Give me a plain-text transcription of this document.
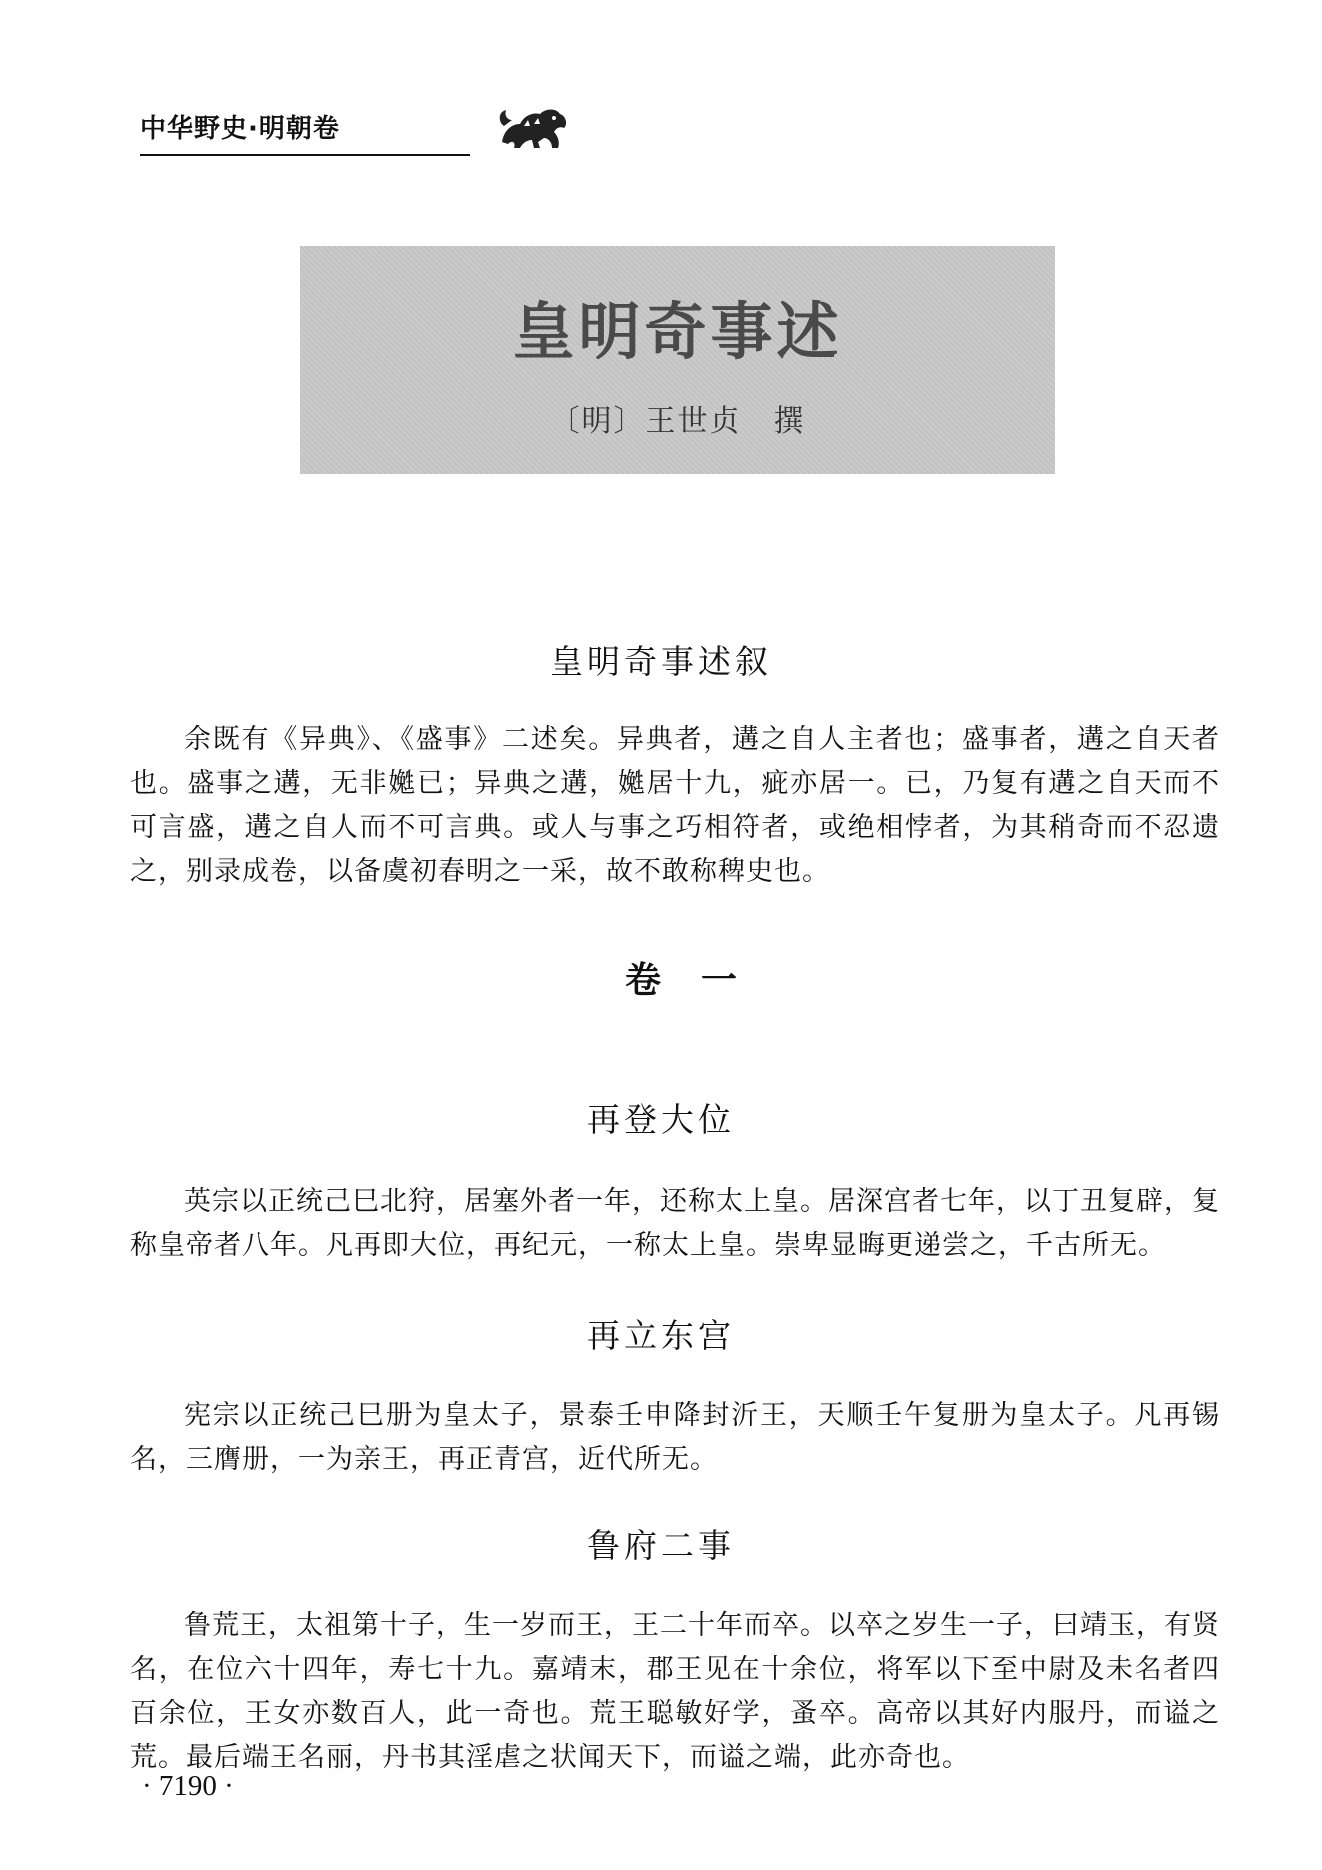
中华野史·明朝卷
皇明奇事述
〔明〕王世贞　撰
皇明奇事述叙
余既有《异典》、《盛事》二述矣。异典者，遘之自人主者也；盛事者，遘之自天者也。盛事之遘，无非嬔已；异典之遘，嬔居十九，疵亦居一。已，乃复有遘之自天而不可言盛，遘之自人而不可言典。或人与事之巧相符者，或绝相悖者，为其稍奇而不忍遗之，别录成卷，以备虞初春明之一采，故不敢称稗史也。
卷一
再登大位
英宗以正统己巳北狩，居塞外者一年，还称太上皇。居深宫者七年，以丁丑复辟，复称皇帝者八年。凡再即大位，再纪元，一称太上皇。崇卑显晦更递尝之，千古所无。
再立东宫
宪宗以正统己巳册为皇太子，景泰壬申降封沂王，天顺壬午复册为皇太子。凡再锡名，三膺册，一为亲王，再正青宫，近代所无。
鲁府二事
鲁荒王，太祖第十子，生一岁而王，王二十年而卒。以卒之岁生一子，曰靖玉，有贤名，在位六十四年，寿七十九。嘉靖末，郡王见在十余位，将军以下至中尉及未名者四百余位，王女亦数百人，此一奇也。荒王聪敏好学，蚤卒。高帝以其好内服丹，而谥之荒。最后端王名丽，丹书其淫虐之状闻天下，而谥之端，此亦奇也。
· 7190 ·
